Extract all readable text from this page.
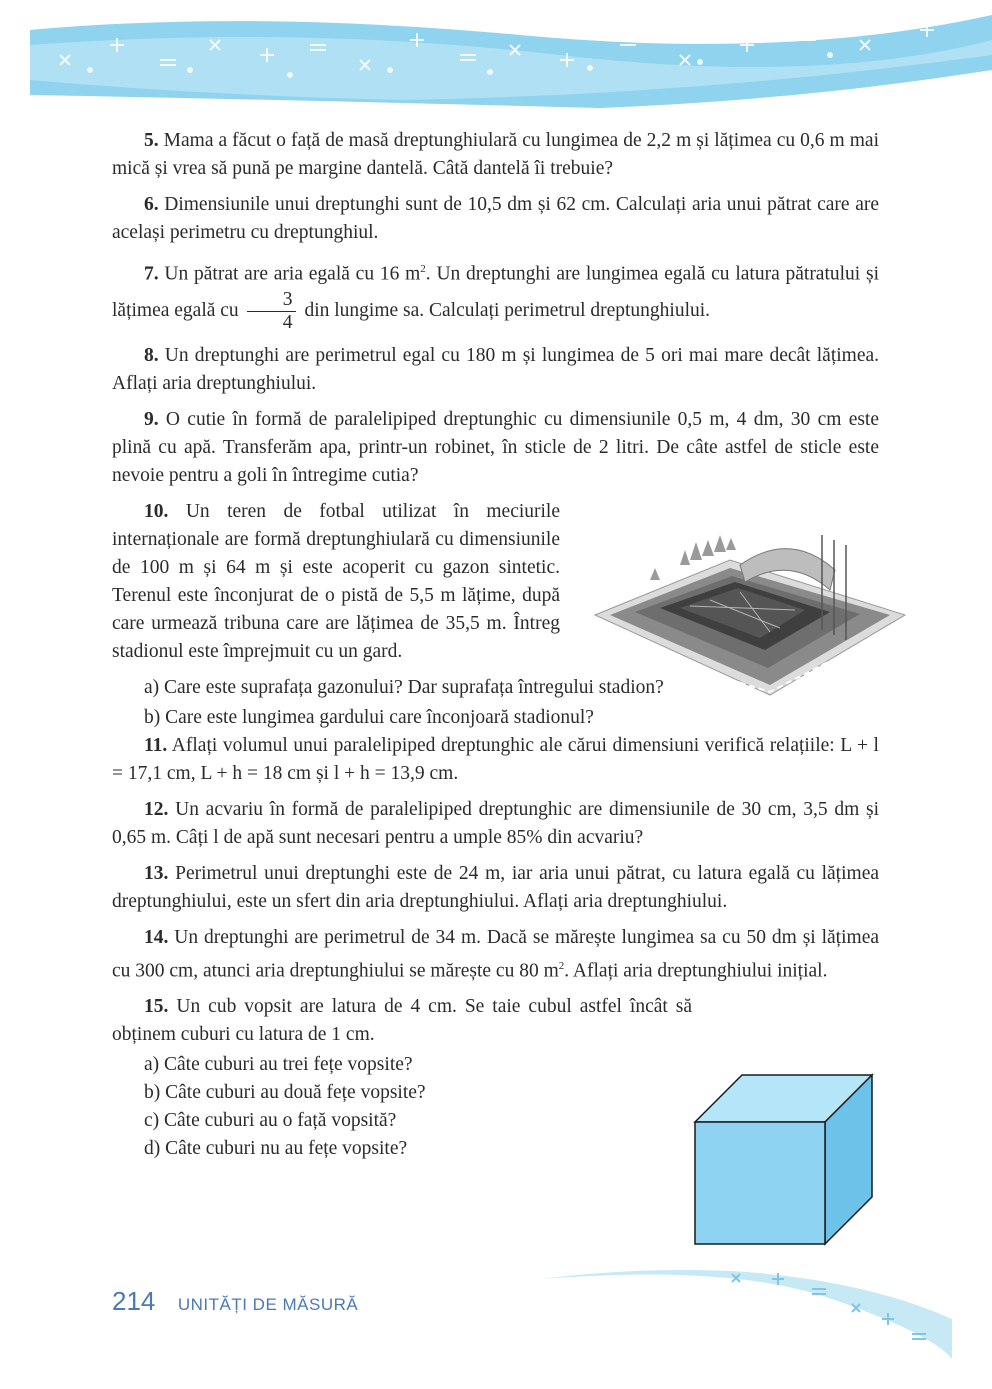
5. Mama a făcut o față de masă dreptunghiulară cu lungimea de 2,2 m și lățimea cu 0,6 m mai mică și vrea să pună pe margine dantelă. Câtă dantelă îi trebuie?

6. Dimensiunile unui dreptunghi sunt de 10,5 dm și 62 cm. Calculați aria unui pătrat care are același perimetru cu dreptunghiul.

7. Un pătrat are aria egală cu 16 $m^2$. Un dreptunghi are lungimea egală cu latura pătratului și lățimea egală cu $\frac{3}{4}$ din lungime sa. Calculați perimetrul dreptunghiului.

8. Un dreptunghi are perimetrul egal cu 180 m și lungimea de 5 ori mai mare decât lățimea. Aflați aria dreptunghiului.

9. O cutie în formă de paralelipiped dreptunghic cu dimensiunile 0,5 m, 4 dm, 30 cm este plină cu apă. Transferăm apa, printr-un robinet, în sticle de 2 litri. De câte astfel de sticle este nevoie pentru a goli în întregime cutia?

10. Un teren de fotbal utilizat în meciurile internaționale are formă dreptunghiulară cu dimensiunile de 100 m și 64 m și este acoperit cu gazon sintetic. Terenul este înconjurat de o pistă de 5,5 m lățime, după care urmează tribuna care are lățimea de 35,5 m. Întreg stadionul este împrejmuit cu un gard.

a) Care este suprafața gazonului? Dar suprafața întregului stadion?

b) Care este lungimea gardului care înconjoară stadionul?

11. Aflați volumul unui paralelipiped dreptunghic ale cărui dimensiuni verifică relațiile: L + l = 17,1 cm, L + h = 18 cm și l + h = 13,9 cm.

12. Un acvariu în formă de paralelipiped dreptunghic are dimensiunile de 30 cm, 3,5 dm și 0,65 m. Câți l de apă sunt necesari pentru a umple 85% din acvariu?

13. Perimetrul unui dreptunghi este de 24 m, iar aria unui pătrat, cu latura egală cu lățimea dreptunghiului, este un sfert din aria dreptunghiului. Aflați aria dreptunghiului.

14. Un dreptunghi are perimetrul de 34 m. Dacă se mărește lungimea sa cu 50 dm și lățimea cu 300 cm, atunci aria dreptunghiului se mărește cu 80 $m^2$. Aflați aria dreptunghiului inițial.

15. Un cub vopsit are latura de 4 cm. Se taie cubul astfel încât să obținem cuburi cu latura de 1 cm.

a) Câte cuburi au trei fețe vopsite?

b) Câte cuburi au două fețe vopsite?

c) Câte cuburi au o față vopsită?

d) Câte cuburi nu au fețe vopsite?

214 UNITĂȚI DE MĂSURĂ
